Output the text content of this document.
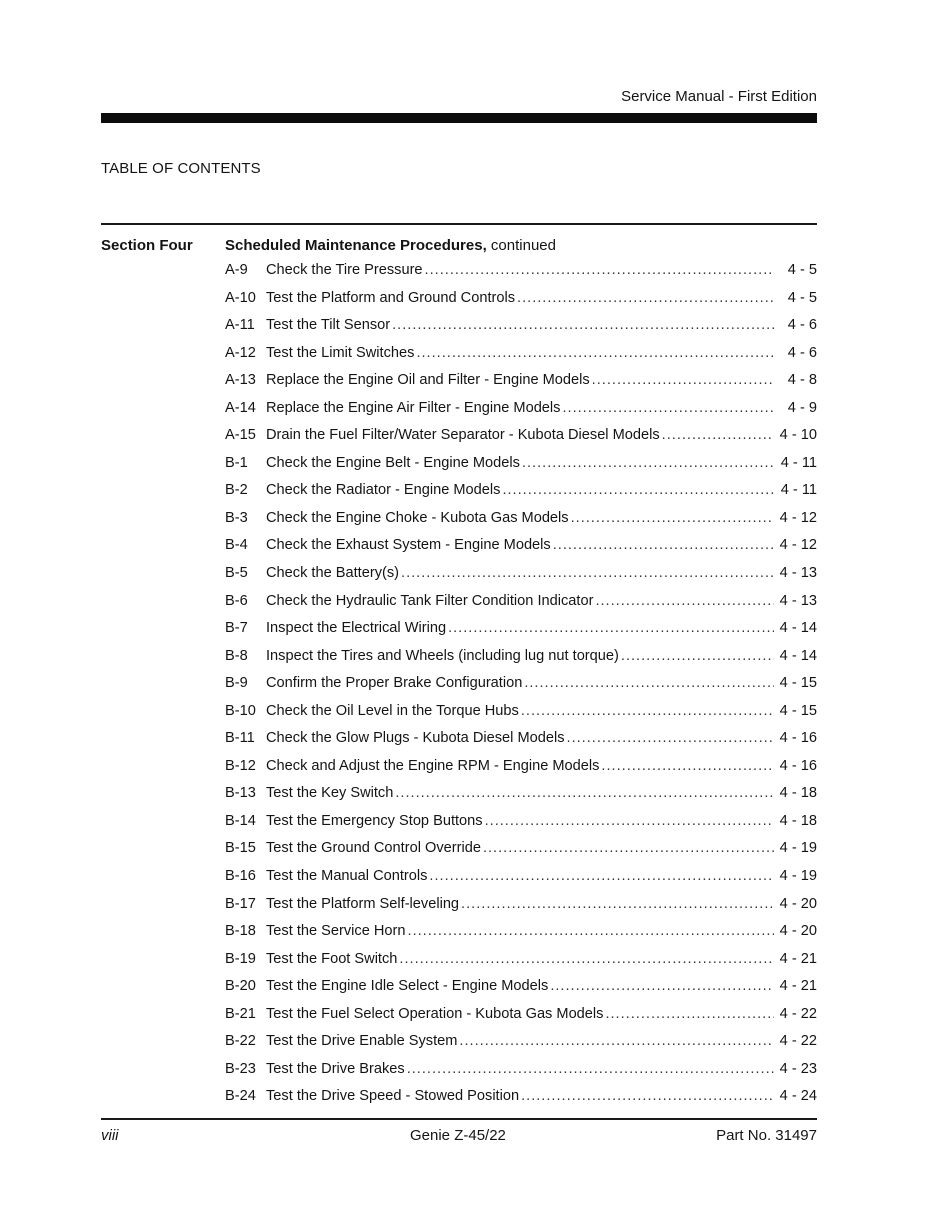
Service Manual - First Edition
TABLE OF CONTENTS
Section Four Scheduled Maintenance Procedures, continued
A-9	Check the Tire Pressure .....	4 - 5
A-10 Test the Platform and Ground Controls .....	4 - 5
A-11 Test the Tilt Sensor .....	4 - 6
A-12 Test the Limit Switches .....	4 - 6
A-13 Replace the Engine Oil and Filter - Engine Models .....	4 - 8
A-14 Replace the Engine Air Filter - Engine Models .....	4 - 9
A-15 Drain the Fuel Filter/Water Separator - Kubota Diesel Models .....	4 - 10
B-1	Check the Engine Belt - Engine Models .....	4 - 11
B-2	Check the Radiator - Engine Models .....	4 - 11
B-3	Check the Engine Choke - Kubota Gas Models .....	4 - 12
B-4	Check the Exhaust System - Engine Models .....	4 - 12
B-5	Check the Battery(s) .....	4 - 13
B-6	Check the Hydraulic Tank Filter Condition Indicator .....	4 - 13
B-7	Inspect the Electrical Wiring .....	4 - 14
B-8	Inspect the Tires and Wheels (including lug nut torque) .....	4 - 14
B-9	Confirm the Proper Brake Configuration .....	4 - 15
B-10 Check the Oil Level in the Torque Hubs .....	4 - 15
B-11 Check the Glow Plugs - Kubota Diesel Models .....	4 - 16
B-12 Check and Adjust the Engine RPM - Engine Models .....	4 - 16
B-13 Test the Key Switch .....	4 - 18
B-14 Test the Emergency Stop Buttons .....	4 - 18
B-15 Test the Ground Control Override .....	4 - 19
B-16 Test the Manual Controls .....	4 - 19
B-17 Test the Platform Self-leveling .....	4 - 20
B-18 Test the Service Horn .....	4 - 20
B-19 Test the Foot Switch .....	4 - 21
B-20 Test the Engine Idle Select - Engine Models .....	4 - 21
B-21 Test the Fuel Select Operation - Kubota Gas Models .....	4 - 22
B-22 Test the Drive Enable System .....	4 - 22
B-23 Test the Drive Brakes .....	4 - 23
B-24 Test the Drive Speed - Stowed Position .....	4 - 24
viii	Genie Z-45/22	Part No. 31497
